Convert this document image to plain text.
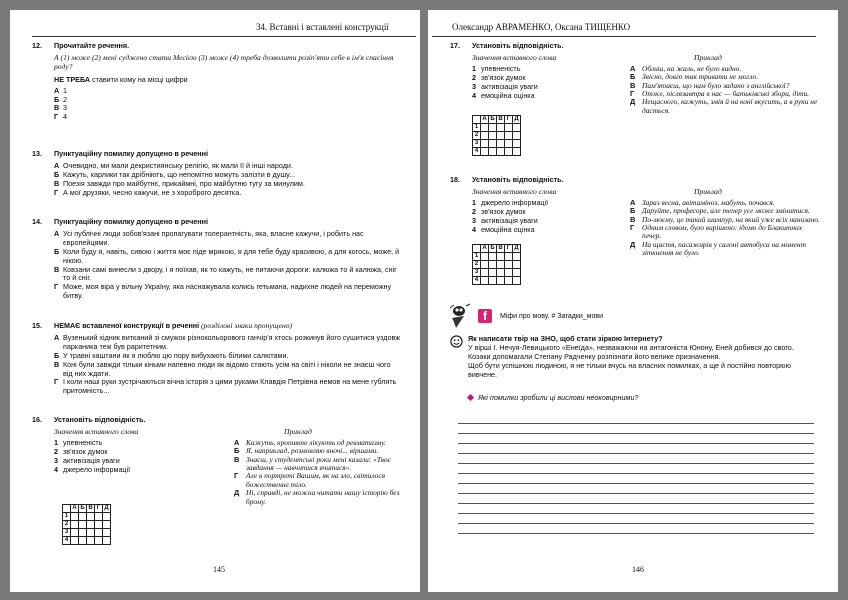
34. Вставні і вставлені конструкції
12. Прочитайте речення.
А (1) може (2) мені судженo стати Месією (3) може (4) треба дозволити розіп'яти себе в ім'я спасіння роду?
НЕ ТРЕБА ставити кому на місці цифри
А 1
Б 2
В 3
Г 4
13. Пунктуаційну помилку допущено в реченні
А Очевидно, ми мали декристиянську релігію, як мали її й інші народи.
Б Кажуть, карлики так дрібніють, що непомітно можуть залізти в душу...
В Поезія завжди про майбутнє, прикаймні, про майбутню тугу за минулим.
Г А мої друзяки, чесно кажучи, не з хороброго десятка.
14. Пунктуаційну помилку допущено в реченні
А Усі публічні люди зобов'язані пропагувати толерантність, яка, власне кажучи, і робить нас європейцями.
Б Коли буду я, навіть, сивою і життя моє піде мрякою, я для тебе буду красивою, а для когось, може, й нікою.
В Ковзани самі винесли з двору, і я поїхав, як то кажуть, не питаючи дороги: калюжа то й калюжа, сніг то й сніг.
Г Може, моя віра у вільну Україну, яка наснажувала колись гетьмана, надихне людей на переможну битву.
15. НЕМАЄ вставленої конструкції в реченні (розділові знаки пропущено)
А Вузенький хідник витканий зі смужок різнокольорового ганчір'я хтось розкинув його сушитися уздовж парканика теж був раритетним.
Б У травні каштани як я люблю цю пору вибухають білими салютами.
В Коні були завжди тільки кіньми напевно люди як відомо стають усім на світі і ніколи не знаєш чого від них ждати.
Г І коли наші руки зустрічаються вічна історія з цими руками Клавдія Петрівна немов на мене гублять притомність...
16. Установіть відповідність.
Значення вставного слова
1 упевненість
2 зв'язок думок
3 активізація уваги
4 джерело інформації
Приклад
А Кажуть, кропивою лікують од ревматизму.
Б Я, наприклад, розмовляю вночі... віршами.
В Знаєш, у студентські роки мені казали: «Твоє завдання — навчитися вчитися».
Г	Але в портреті Вашим, як на зло, світилося божественне тіло.
Д Ні, справді, не можна читати нашу історію без брому.
	А	Б	В	Г	Д
1					
2					
3					
4					
145
Олександр АВРАМЕНКО, Оксана ТИЩЕНКО
17. Установіть відповідність.
Значення вставного слова
1 упевненість
2 зв'язок думок
3 активізація уваги
4 емоційна оцінка
	А	Б	В	Г	Д
1					
2					
3					
4					
Приклад
А Облиш, на жаль, не було видно.
Б Звісно, довго так тривати не могло.
В Пам'ятаєш, що нам було задано з англійської?
Г	Отже, післязавтра в нас — батьківські збори, діти.
Д Нещасного, кажуть, змія й на коні вкусить, а в руки не дасться.
18. Установіть відповідність.
Значення вставного слова
1 джерело інформації
2 зв'язок думок
3 активізація уваги
4 емоційна оцінка
	А	Б	В	Г	Д
1					
2					
3					
4					
Приклад
А Зараз весна, авітаміноз, мабуть, почався.
Б Даруйте, професоре, але тепер усе може змінитися.
В По-моєму, це такий шампур, на який уже всіх нанизано.
Г	Одним словом, було вирішено: ідемо до Блакитних печер.
Д На щастя, пасажирів у салоні автобуса на момент зіткнення не було.
f	Міфи про мову. # Загадки_мови
Як написати твір на ЗНО, щоб стати зіркою Інтернету?
У вірші І. Нечуя-Левицького «Енеїда», незважаючи на антагоніста Юнону, Еней добився до свого.
Козаки допомагали Степану Радченку розпізнати його велике призначення.
Щоб бути успішною людиною, я не тільки вчусь на власних помилках, а ще й постійно повторюю вивчене.
Які помилки зробили ці вислови неоковирними?
146
